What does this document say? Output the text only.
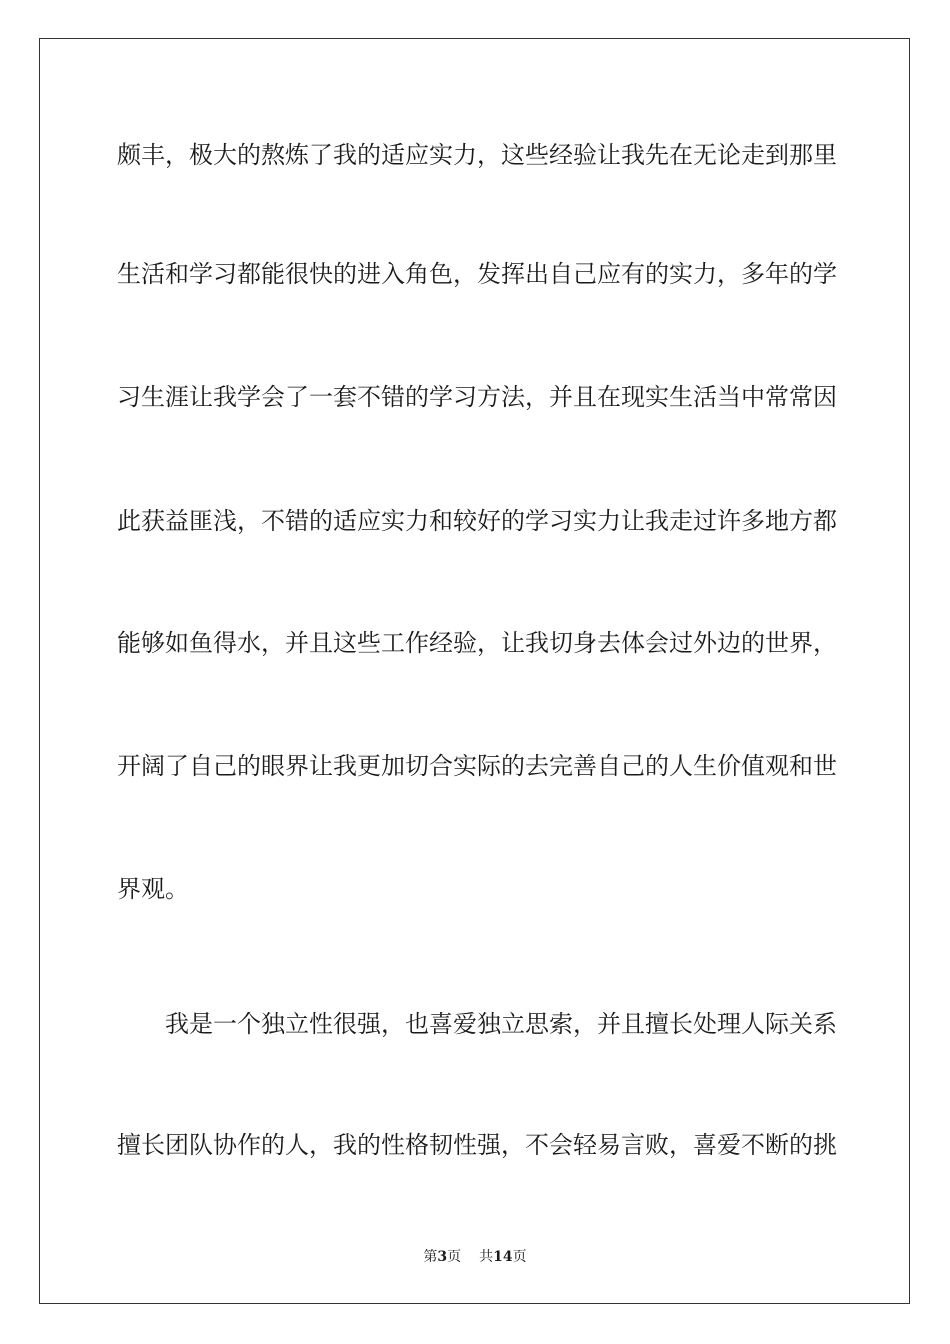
颇丰，极大的熬炼了我的适应实力，这些经验让我先在无论走到那里
生活和学习都能很快的进入角色，发挥出自己应有的实力，多年的学
习生涯让我学会了一套不错的学习方法，并且在现实生活当中常常因
此获益匪浅，不错的适应实力和较好的学习实力让我走过许多地方都
能够如鱼得水，并且这些工作经验，让我切身去体会过外边的世界，
开阔了自己的眼界让我更加切合实际的去完善自己的人生价值观和世
界观。
我是一个独立性很强，也喜爱独立思索，并且擅长处理人际关系
擅长团队协作的人，我的性格韧性强，不会轻易言败，喜爱不断的挑
第3页 共14页
